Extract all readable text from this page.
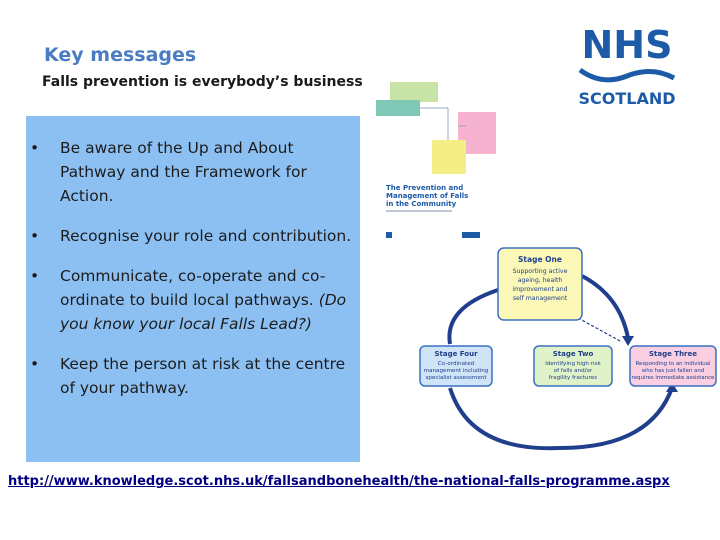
Key messages
Falls prevention is everybody’s business
NHS
SCOTLAND
• Be aware of the Up and About Pathway and the Framework for Action.
• Recognise your role and contribution.
• Communicate, co-operate and co-ordinate to build local pathways. (Do you know your local Falls Lead?)
• Keep the person at risk at the centre of your pathway.
The Prevention and
Management of Falls
in the Community
Stage One
Supporting active
ageing, health
improvement and
self management
Stage Four
Co-ordinated
management including
specialist assessment
Stage Two
Identifying high risk
of falls and/or
fragility fractures
Stage Three
Responding to an individual
who has just fallen and
requires immediate assistance
http://www.knowledge.scot.nhs.uk/fallsandbonehealth/the-national-falls-programme.aspx
